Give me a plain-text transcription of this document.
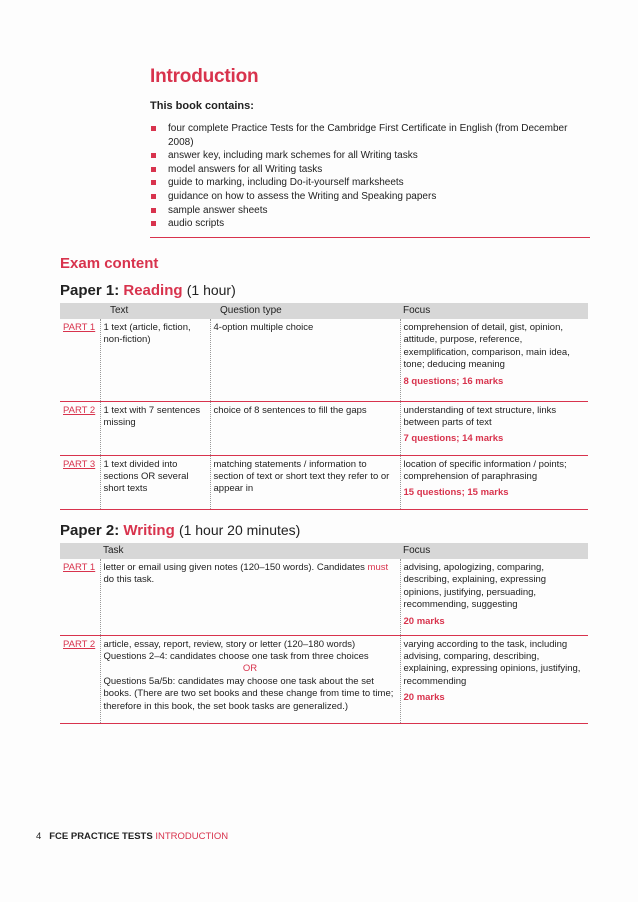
Introduction
This book contains:
four complete Practice Tests for the Cambridge First Certificate in English (from December 2008)
answer key, including mark schemes for all Writing tasks
model answers for all Writing tasks
guide to marking, including Do-it-yourself marksheets
guidance on how to assess the Writing and Speaking papers
sample answer sheets
audio scripts
Exam content
Paper 1: Reading (1 hour)
	Text	Question type	Focus
PART 1	1 text (article, fiction, non-fiction)	4-option multiple choice	comprehension of detail, gist, opinion, attitude, purpose, reference, exemplification, comparison, main idea, tone; deducing meaning
8 questions; 16 marks

PART 2	1 text with 7 sentences missing	choice of 8 sentences to fill the gaps	understanding of text structure, links between parts of text
7 questions; 14 marks

PART 3	1 text divided into sections OR several short texts	matching statements / information to section of text or short text they refer to or appear in	location of specific information / points; comprehension of paraphrasing
15 questions; 15 marks
Paper 2: Writing (1 hour 20 minutes)
	Task	Focus
PART 1	letter or email using given notes (120–150 words). Candidates must do this task.	advising, apologizing, comparing, describing, explaining, expressing opinions, justifying, persuading, recommending, suggesting
20 marks

PART 2	article, essay, report, review, story or letter (120–180 words) Questions 2–4: candidates choose one task from three choices
OR
Questions 5a/5b: candidates may choose one task about the set books. (There are two set books and these change from time to time; therefore in this book, the set book tasks are generalized.)	varying according to the task, including advising, comparing, describing, explaining, expressing opinions, justifying, recommending
20 marks
4 FCE PRACTICE TESTS INTRODUCTION
